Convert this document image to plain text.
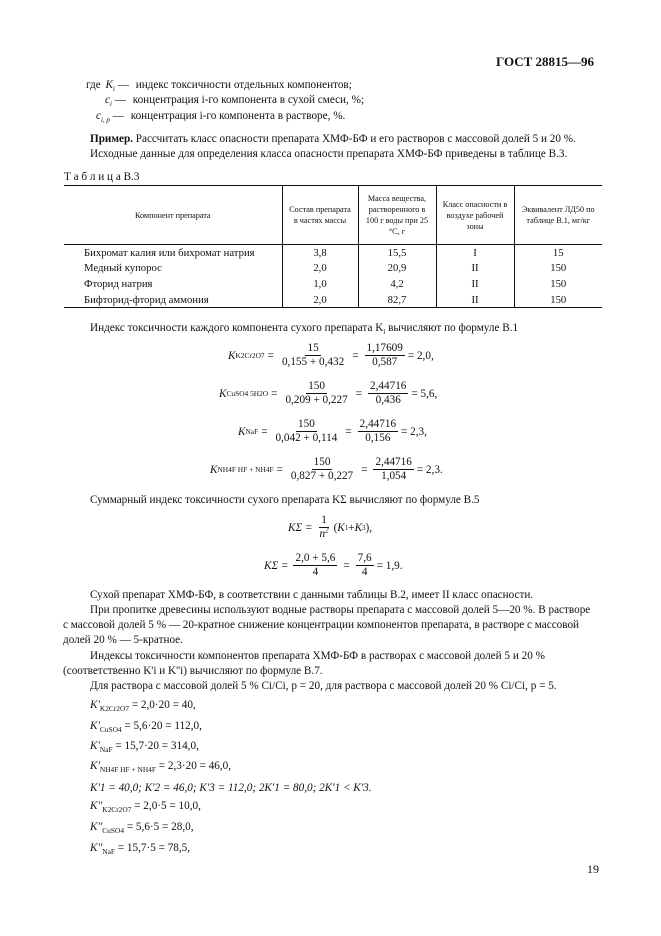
ГОСТ 28815—96
где $K_i$ — индекс токсичности отдельных компонентов;
$c_i$ — концентрация i-го компонента в сухой смеси, %;
$c_{i, p}$ — концентрация i-го компонента в растворе, %.
Пример. Рассчитать класс опасности препарата ХМФ-БФ и его растворов с массовой долей 5 и 20 %.
Исходные данные для определения класса опасности препарата ХМФ-БФ приведены в таблице В.3.
Т а б л и ц а В.3
Компонент препарата	Состав препарата в частях массы	Масса вещества, растворенного в 100 г воды при 25 °С, г	Класс опасности в воздухе рабочей зоны	Эквивалент ЛД50 по таблице В.1, мг/кг
Бихромат калия или бихромат натрия	3,8	15,5	I	15
Медный купорос	2,0	20,9	II	150
Фторид натрия	1,0	4,2	II	150
Бифторид-фторид аммония	2,0	82,7	II	150
Индекс токсичности каждого компонента сухого препарата $K_i$ вычисляют по формуле В.1
K $K2Cr2O7 = \frac{15}{0,155 + 0,432} = \frac{1,17609}{0,587} = 2,0$,
K CuSO4 $5H2O = \frac{150}{0,209 + 0,227} = \frac{2,44716}{0,436} = 5,6$,
K NaF = $\frac{150}{0,042 + 0,114} = \frac{2,44716}{0,156} = 2,3$,
K NH4F HF + $NH4F = \frac{150}{0,827 + 0,227} = \frac{2,44716}{1,054} = 2,3$.
Суммарный индекс токсичности сухого препарата KΣ вычисляют по формуле В.5
$K\Sigma = \frac{1}{n^2}$ ( K 1 + K 3 ),
$K\Sigma = \frac{2,0 + 5,6}{4} = \frac{7,6}{4} = 1,9$.
Сухой препарат ХМФ-БФ, в соответствии с данными таблицы В.2, имеет II класс опасности.
При пропитке древесины используют водные растворы препарата с массовой долей 5—20 %. В растворе
с массовой долей 5 % — 20-кратное снижение концентрации компонентов препарата, в растворе с массовой
долей 20 % — 5-кратное.
Индексы токсичности компонентов препарата ХМФ-БФ в растворах с массовой долей 5 и 20 %
(соответственно K'i и K''i) вычисляют по формуле В.7.
Для раствора с массовой долей 5 % Ci/Ci, р = 20, для раствора с массовой долей 20 % Ci/Ci, р = 5.
$K'_{K2Cr2O7} = 2,0\cdot 20 = 40$,
$K'_{CuSO4} = 5,6\cdot 20 = 112,0$,
$K'_{NaF} = 15,7\cdot 20 = 314,0$,
$K'_{NH4F HF + NH4F} = 2,3\cdot 20 = 46,0$,
K'1 = 40,0; K'2 = 46,0; K'3 = 112,0; 2K'1 = 80,0; 2K'1 < K'3.
$K''_{K2Cr2O7} = 2,0\cdot 5 = 10,0$,
$K''_{CuSO4} = 5,6\cdot 5 = 28,0$,
$K''_{NaF} = 15,7\cdot 5 = 78,5$,
19
